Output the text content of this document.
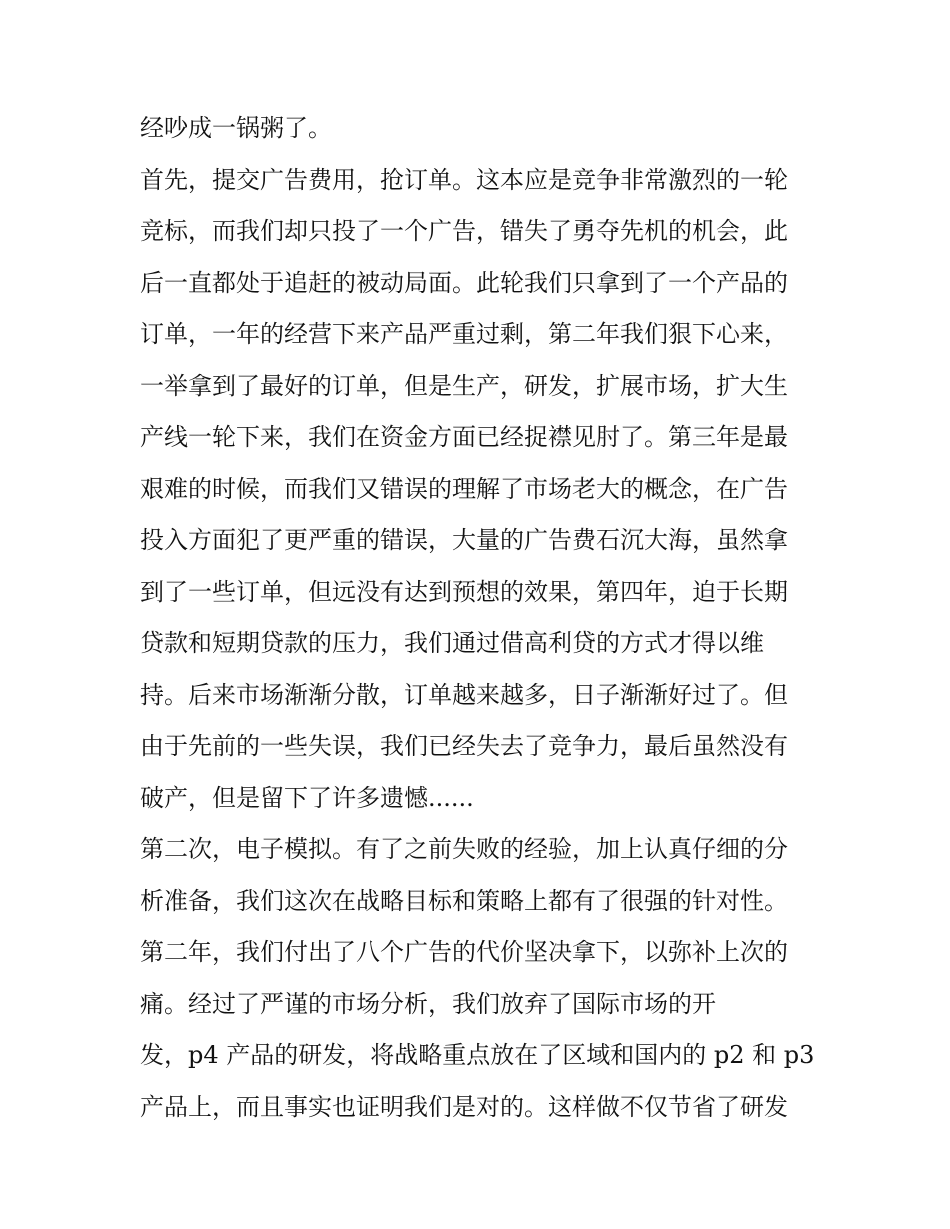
经吵成一锅粥了。
首先，提交广告费用，抢订单。这本应是竞争非常激烈的一轮
竞标，而我们却只投了一个广告，错失了勇夺先机的机会，此
后一直都处于追赶的被动局面。此轮我们只拿到了一个产品的
订单，一年的经营下来产品严重过剩，第二年我们狠下心来，
一举拿到了最好的订单，但是生产，研发，扩展市场，扩大生
产线一轮下来，我们在资金方面已经捉襟见肘了。第三年是最
艰难的时候，而我们又错误的理解了市场老大的概念，在广告
投入方面犯了更严重的错误，大量的广告费石沉大海，虽然拿
到了一些订单，但远没有达到预想的效果，第四年，迫于长期
贷款和短期贷款的压力，我们通过借高利贷的方式才得以维
持。后来市场渐渐分散，订单越来越多，日子渐渐好过了。但
由于先前的一些失误，我们已经失去了竞争力，最后虽然没有
破产，但是留下了许多遗憾......
第二次，电子模拟。有了之前失败的经验，加上认真仔细的分
析准备，我们这次在战略目标和策略上都有了很强的针对性。
第二年，我们付出了八个广告的代价坚决拿下，以弥补上次的
痛。经过了严谨的市场分析，我们放弃了国际市场的开
发，p4 产品的研发，将战略重点放在了区域和国内的 p2 和 p3
产品上，而且事实也证明我们是对的。这样做不仅节省了研发
